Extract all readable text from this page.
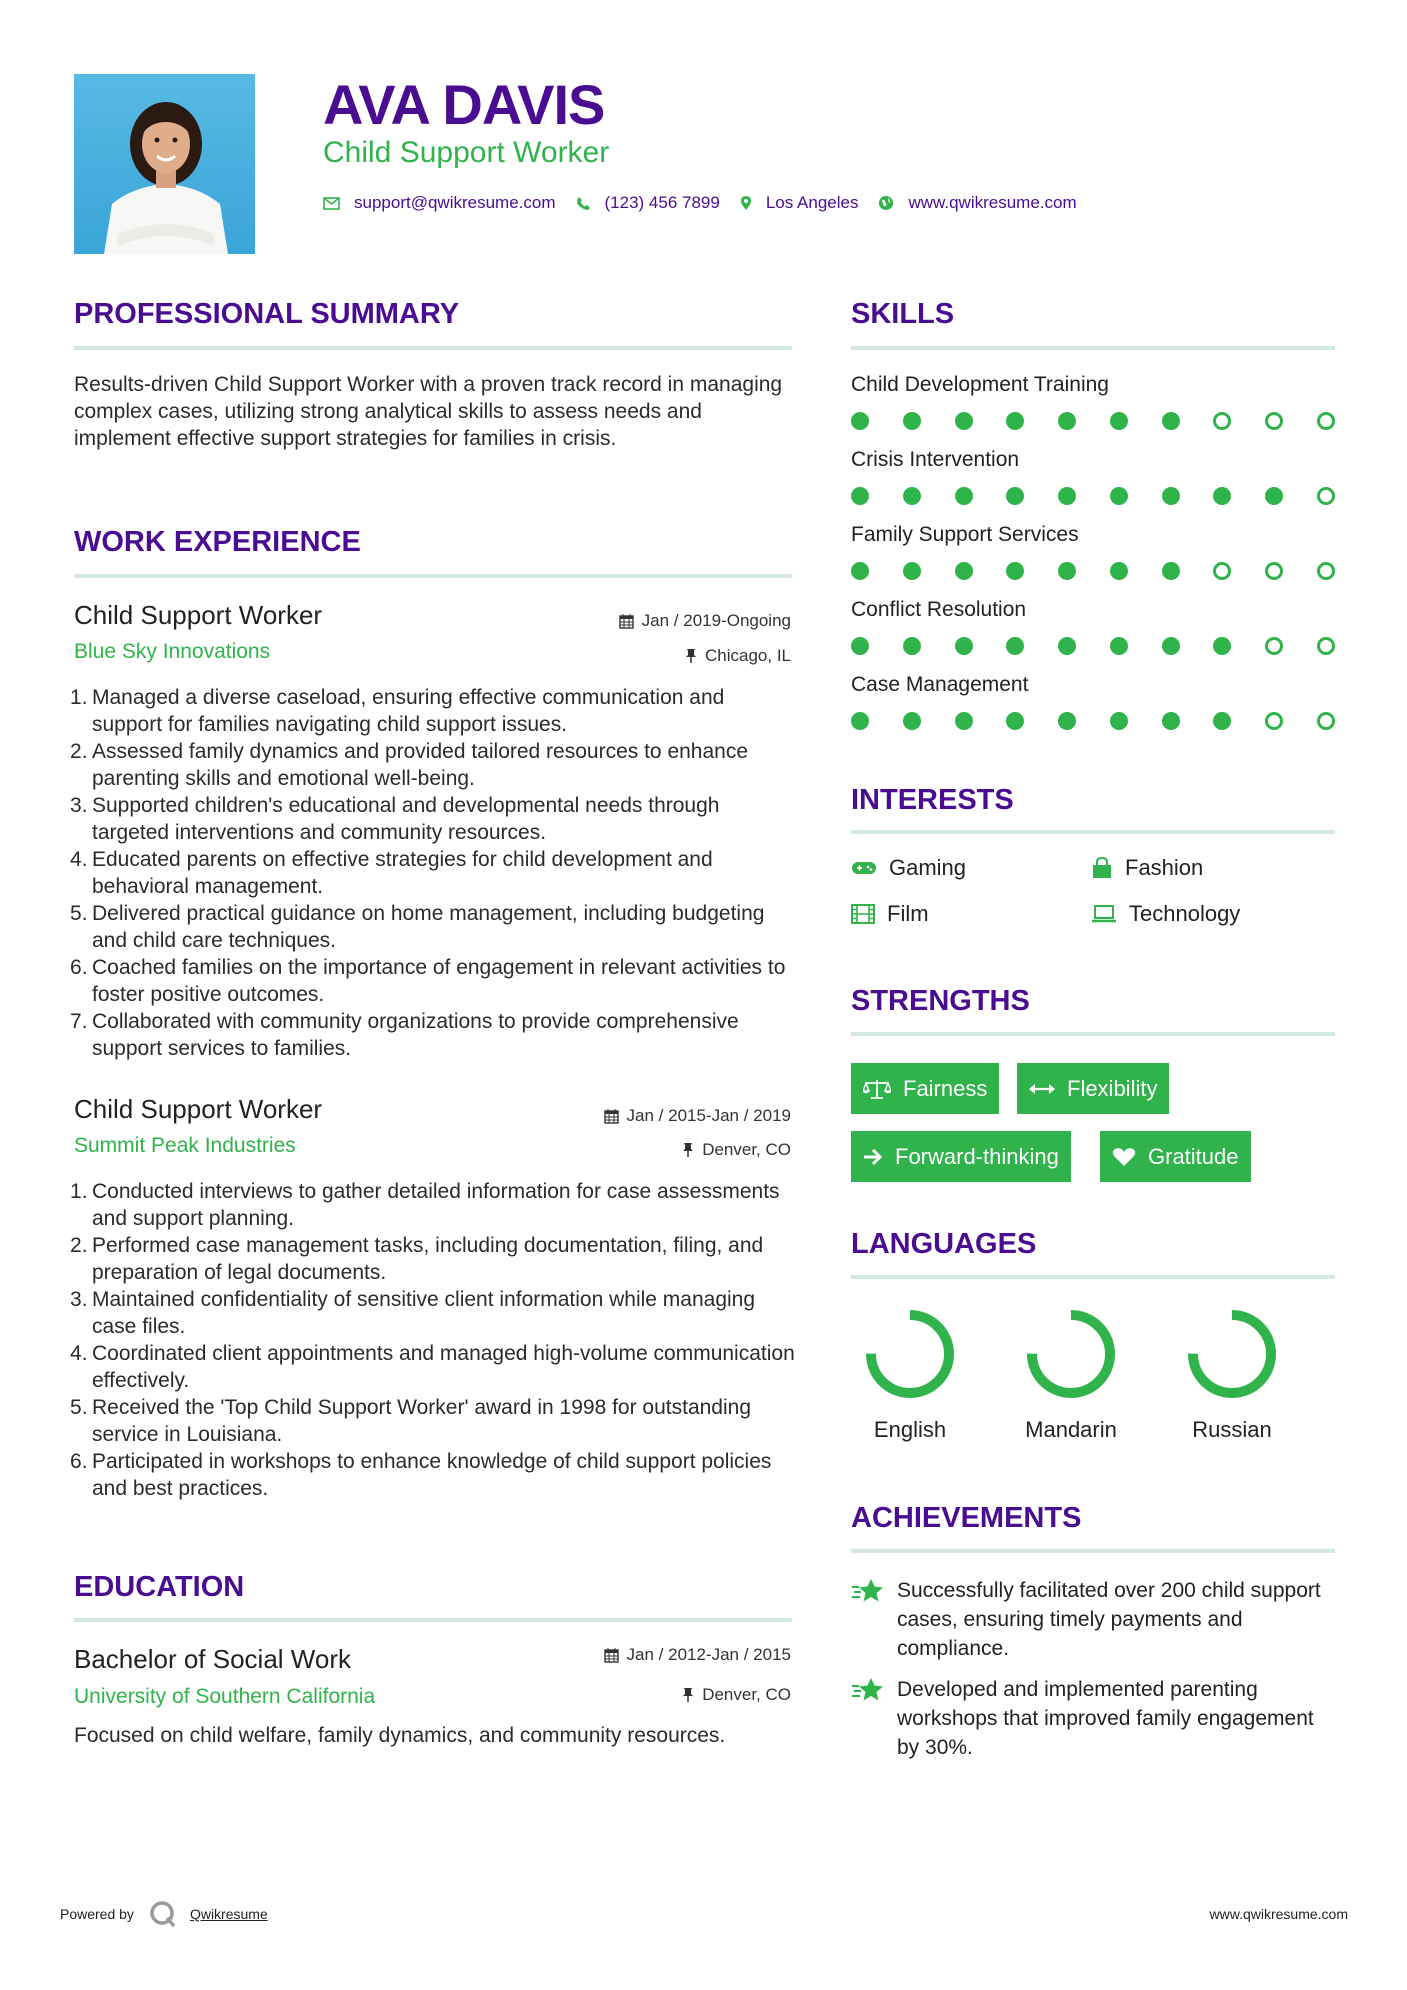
AVA DAVIS
Child Support Worker
support@qwikresume.com	(123) 456 7899	Los Angeles	www.qwikresume.com
PROFESSIONAL SUMMARY
Results-driven Child Support Worker with a proven track record in managing complex cases, utilizing strong analytical skills to assess needs and implement effective support strategies for families in crisis.
WORK EXPERIENCE
Child Support Worker	Jan / 2019-Ongoing
Blue Sky Innovations	Chicago, IL
Managed a diverse caseload, ensuring effective communication and support for families navigating child support issues.
Assessed family dynamics and provided tailored resources to enhance parenting skills and emotional well-being.
Supported children's educational and developmental needs through targeted interventions and community resources.
Educated parents on effective strategies for child development and behavioral management.
Delivered practical guidance on home management, including budgeting and child care techniques.
Coached families on the importance of engagement in relevant activities to foster positive outcomes.
Collaborated with community organizations to provide comprehensive support services to families.
Child Support Worker	Jan / 2015-Jan / 2019
Summit Peak Industries	Denver, CO
Conducted interviews to gather detailed information for case assessments and support planning.
Performed case management tasks, including documentation, filing, and preparation of legal documents.
Maintained confidentiality of sensitive client information while managing case files.
Coordinated client appointments and managed high-volume communication effectively.
Received the 'Top Child Support Worker' award in 1998 for outstanding service in Louisiana.
Participated in workshops to enhance knowledge of child support policies and best practices.
EDUCATION
Bachelor of Social Work	Jan / 2012-Jan / 2015
University of Southern California	Denver, CO
Focused on child welfare, family dynamics, and community resources.
SKILLS
Child Development Training
Crisis Intervention
Family Support Services
Conflict Resolution
Case Management
INTERESTS
Gaming	Fashion
Film	Technology
STRENGTHS
Fairness	Flexibility
Forward-thinking	Gratitude
LANGUAGES
English	Mandarin	Russian
ACHIEVEMENTS
Successfully facilitated over 200 child support cases, ensuring timely payments and compliance.
Developed and implemented parenting workshops that improved family engagement by 30%.
Powered by	Qwikresume	www.qwikresume.com
